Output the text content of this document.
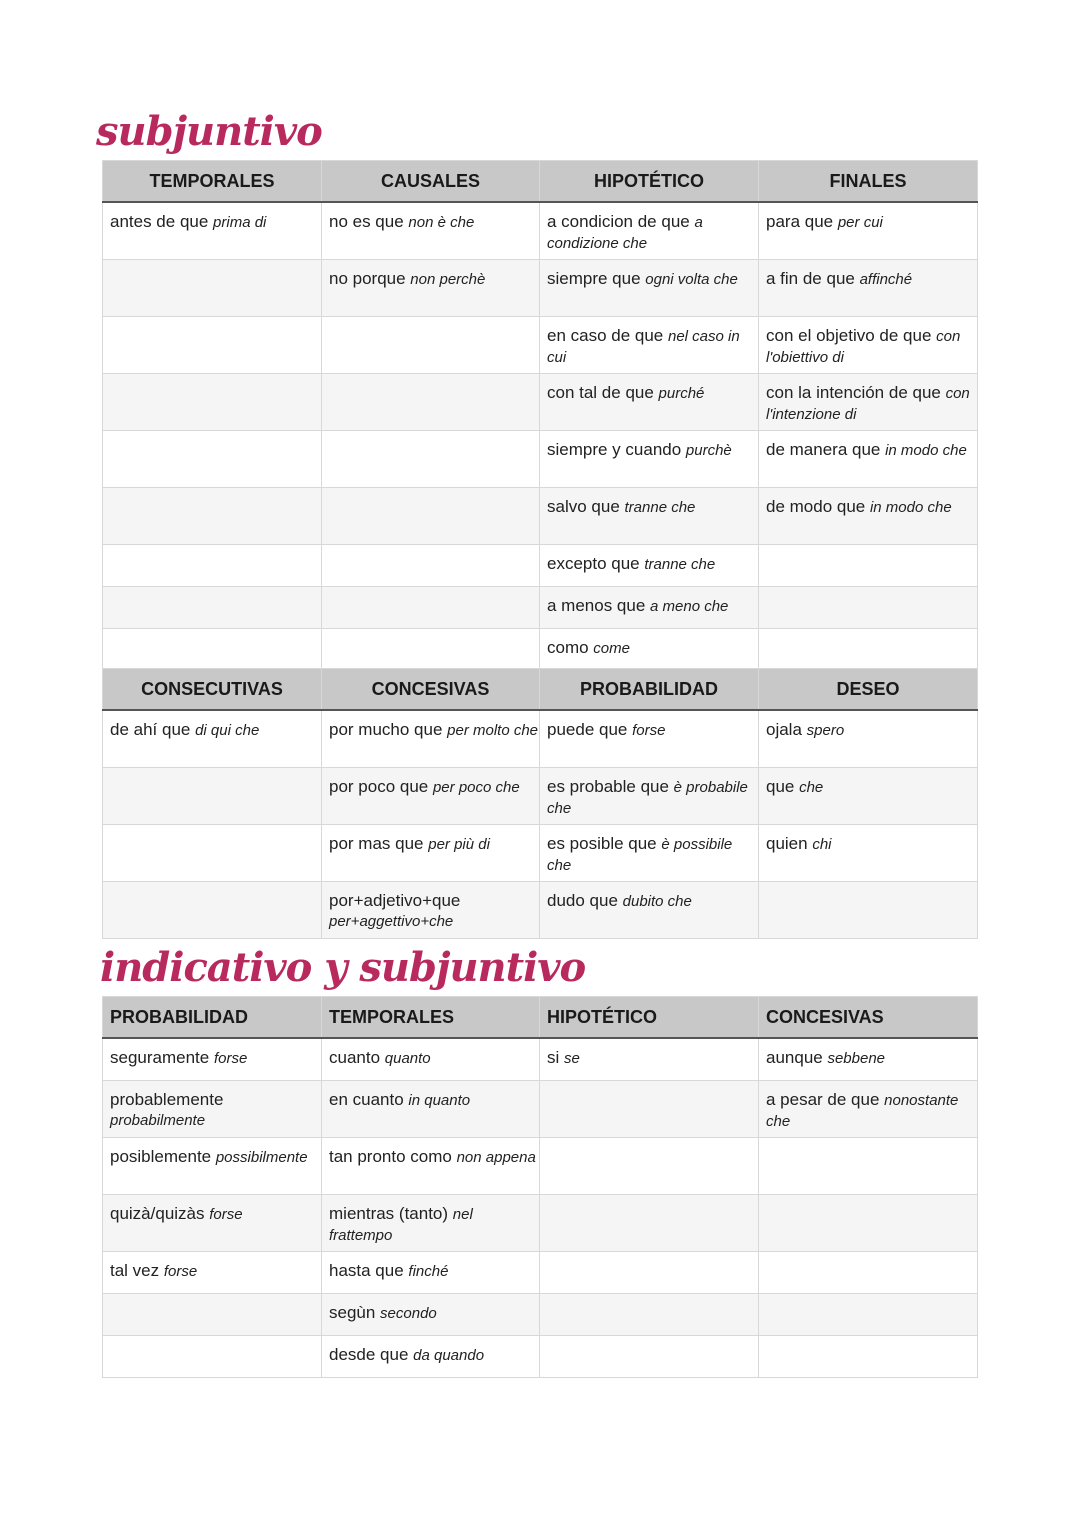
subjuntivo
TEMPORALES	CAUSALES	HIPOTÉTICO	FINALES
antes de que prima di	no es que non è che	a condicion de que a condizione che	para que per cui
	no porque non perchè	siempre que ogni volta che	a fin de que affinché
		en caso de que nel caso in cui	con el objetivo de que con l'obiettivo di
		con tal de que purché	con la intención de que con l'intenzione di
		siempre y cuando purchè	de manera que in modo che
		salvo que tranne che	de modo que in modo che
		excepto que tranne che	
		a menos que a meno che	
		como come	
CONSECUTIVAS	CONCESIVAS	PROBABILIDAD	DESEO
de ahí que di qui che	por mucho que per molto che	puede que forse	ojala spero
	por poco que per poco che	es probable que è probabile che	que che
	por mas que per più di	es posible que è possibile che	quien chi
	por+adjetivo+que per+aggettivo+che	dudo que dubito che	
indicativo y subjuntivo
PROBABILIDAD	TEMPORALES	HIPOTÉTICO	CONCESIVAS
seguramente forse	cuanto quanto	si se	aunque sebbene
probablemente probabilmente	en cuanto in quanto		a pesar de que nonostante che
posiblemente possibilmente	tan pronto como non appena		
quizà/quizàs forse	mientras (tanto) nel frattempo		
tal vez forse	hasta que finché		
	segùn secondo		
	desde que da quando		
